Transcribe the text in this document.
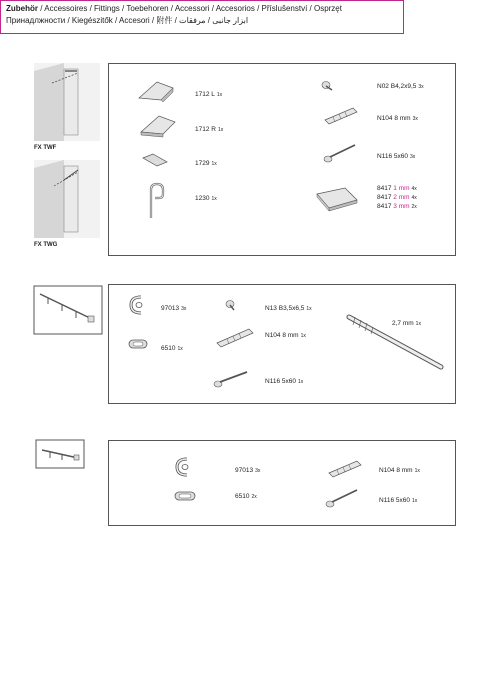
Zubehör / Accessoires / Fittings / Toebehoren / Accessori / Accesorios / Příslušenství / Osprzęt
Принадлжности / Kiegészitők / Accesori / 附件 / ابزار جانبی / مرفقات
FX TWF
FX TWG
1712 L 1x
1712 R 1x
1729 1x
1230 1x
N02 B4,2x9,5 3x
N104 8 mm 3x
N116 5x60 3x
8417 1 mm 4x
8417 2 mm 4x
8417 3 mm 2x
97013 3x
6510 1x
N13 B3,5x6,5 1x
N104 8 mm 1x
N116 5x60 1x
2,7 mm 1x
97013 3x
6510 2x
N104 8 mm 1x
N116 5x60 1x
